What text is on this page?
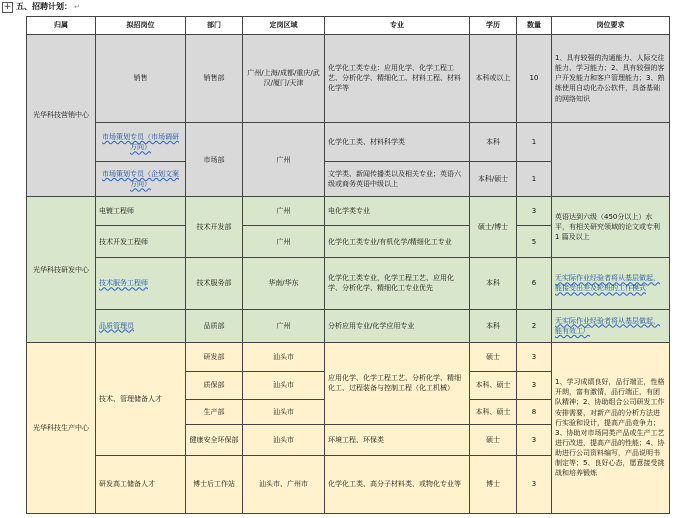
+ 五、招聘计划： ↵
归属	拟招岗位	部门	定岗区域	专业	学历	数量	岗位要求
光华科技营销中心	销售	销售部	广州/上海/成都/重庆/武汉/厦门/天津	化学化工类专业：应用化学、化学工程工艺、分析化学、精细化工、材料工程、材料化学等	本科或以上	10	1、具有较强的沟通能力、人际交往能力、学习能力；2、具有较强的客户开发能力和客户管理能力；3、熟练使用自动化办公软件，具备基础的网络知识
	市场策划专员（市场调研方向）	市场部	广州	化学化工类、材料科学类	本科	1	
	市场策划专员（企划文案方向）			文学类、新闻传播类以及相关专业；英语六级或商务英语中级以上	本科/硕士	1	
光华科技研发中心	电镀工程师	技术开发部	广州	电化学类专业	硕士/博士	3	英语达到六级（450分以上）水平，有相关研究领域的论文或专利 1 篇及以上
	技术开发工程师		广州	化学化工类专业/有机化学/精细化工专业		5	
	技术服务工程师	技术服务部	华南/华东	化学化工类专业，化学工程工艺、应用化学、分析化学、精细化工专业优先	本科	6	无实际作业经验者将从基层做起，能接受出差及轮班的工作模式
	品质管理员	品质部	广州	分析应用专业/化学应用专业	本科	2	无实际作业经验者将从基层做起，能有效工厂
光华科技生产中心	技术、管理储备人才	研发部	汕头市	应用化学、化学工程工艺、分析化学、精细化工、过程装备与控制工程（化工机械）	硕士	3	1、学习成绩良好，品行端正，性格开朗，富有激情，品行端正，有团队精神；2、协助组合公司研发工作安排需要，对新产品的分析方法进行实验和设计，提高产品竞争力；3、协助对市场同类产品或生产工艺进行改进，提高产品的性能；4、协助进行公司资料编写，产品说明书制定等；5、良好心态，愿意接受挑战和培养锻炼
		质保部	汕头市		本科、硕士	3	
		生产部	汕头市		本科、硕士	8	
		健康安全环保部	汕头市	环境工程、环保类	硕士	3	
	研发高工储备人才	博士后工作站	汕头市、广州市	化学化工类、高分子材料类、或物化专业等	博士	3	
